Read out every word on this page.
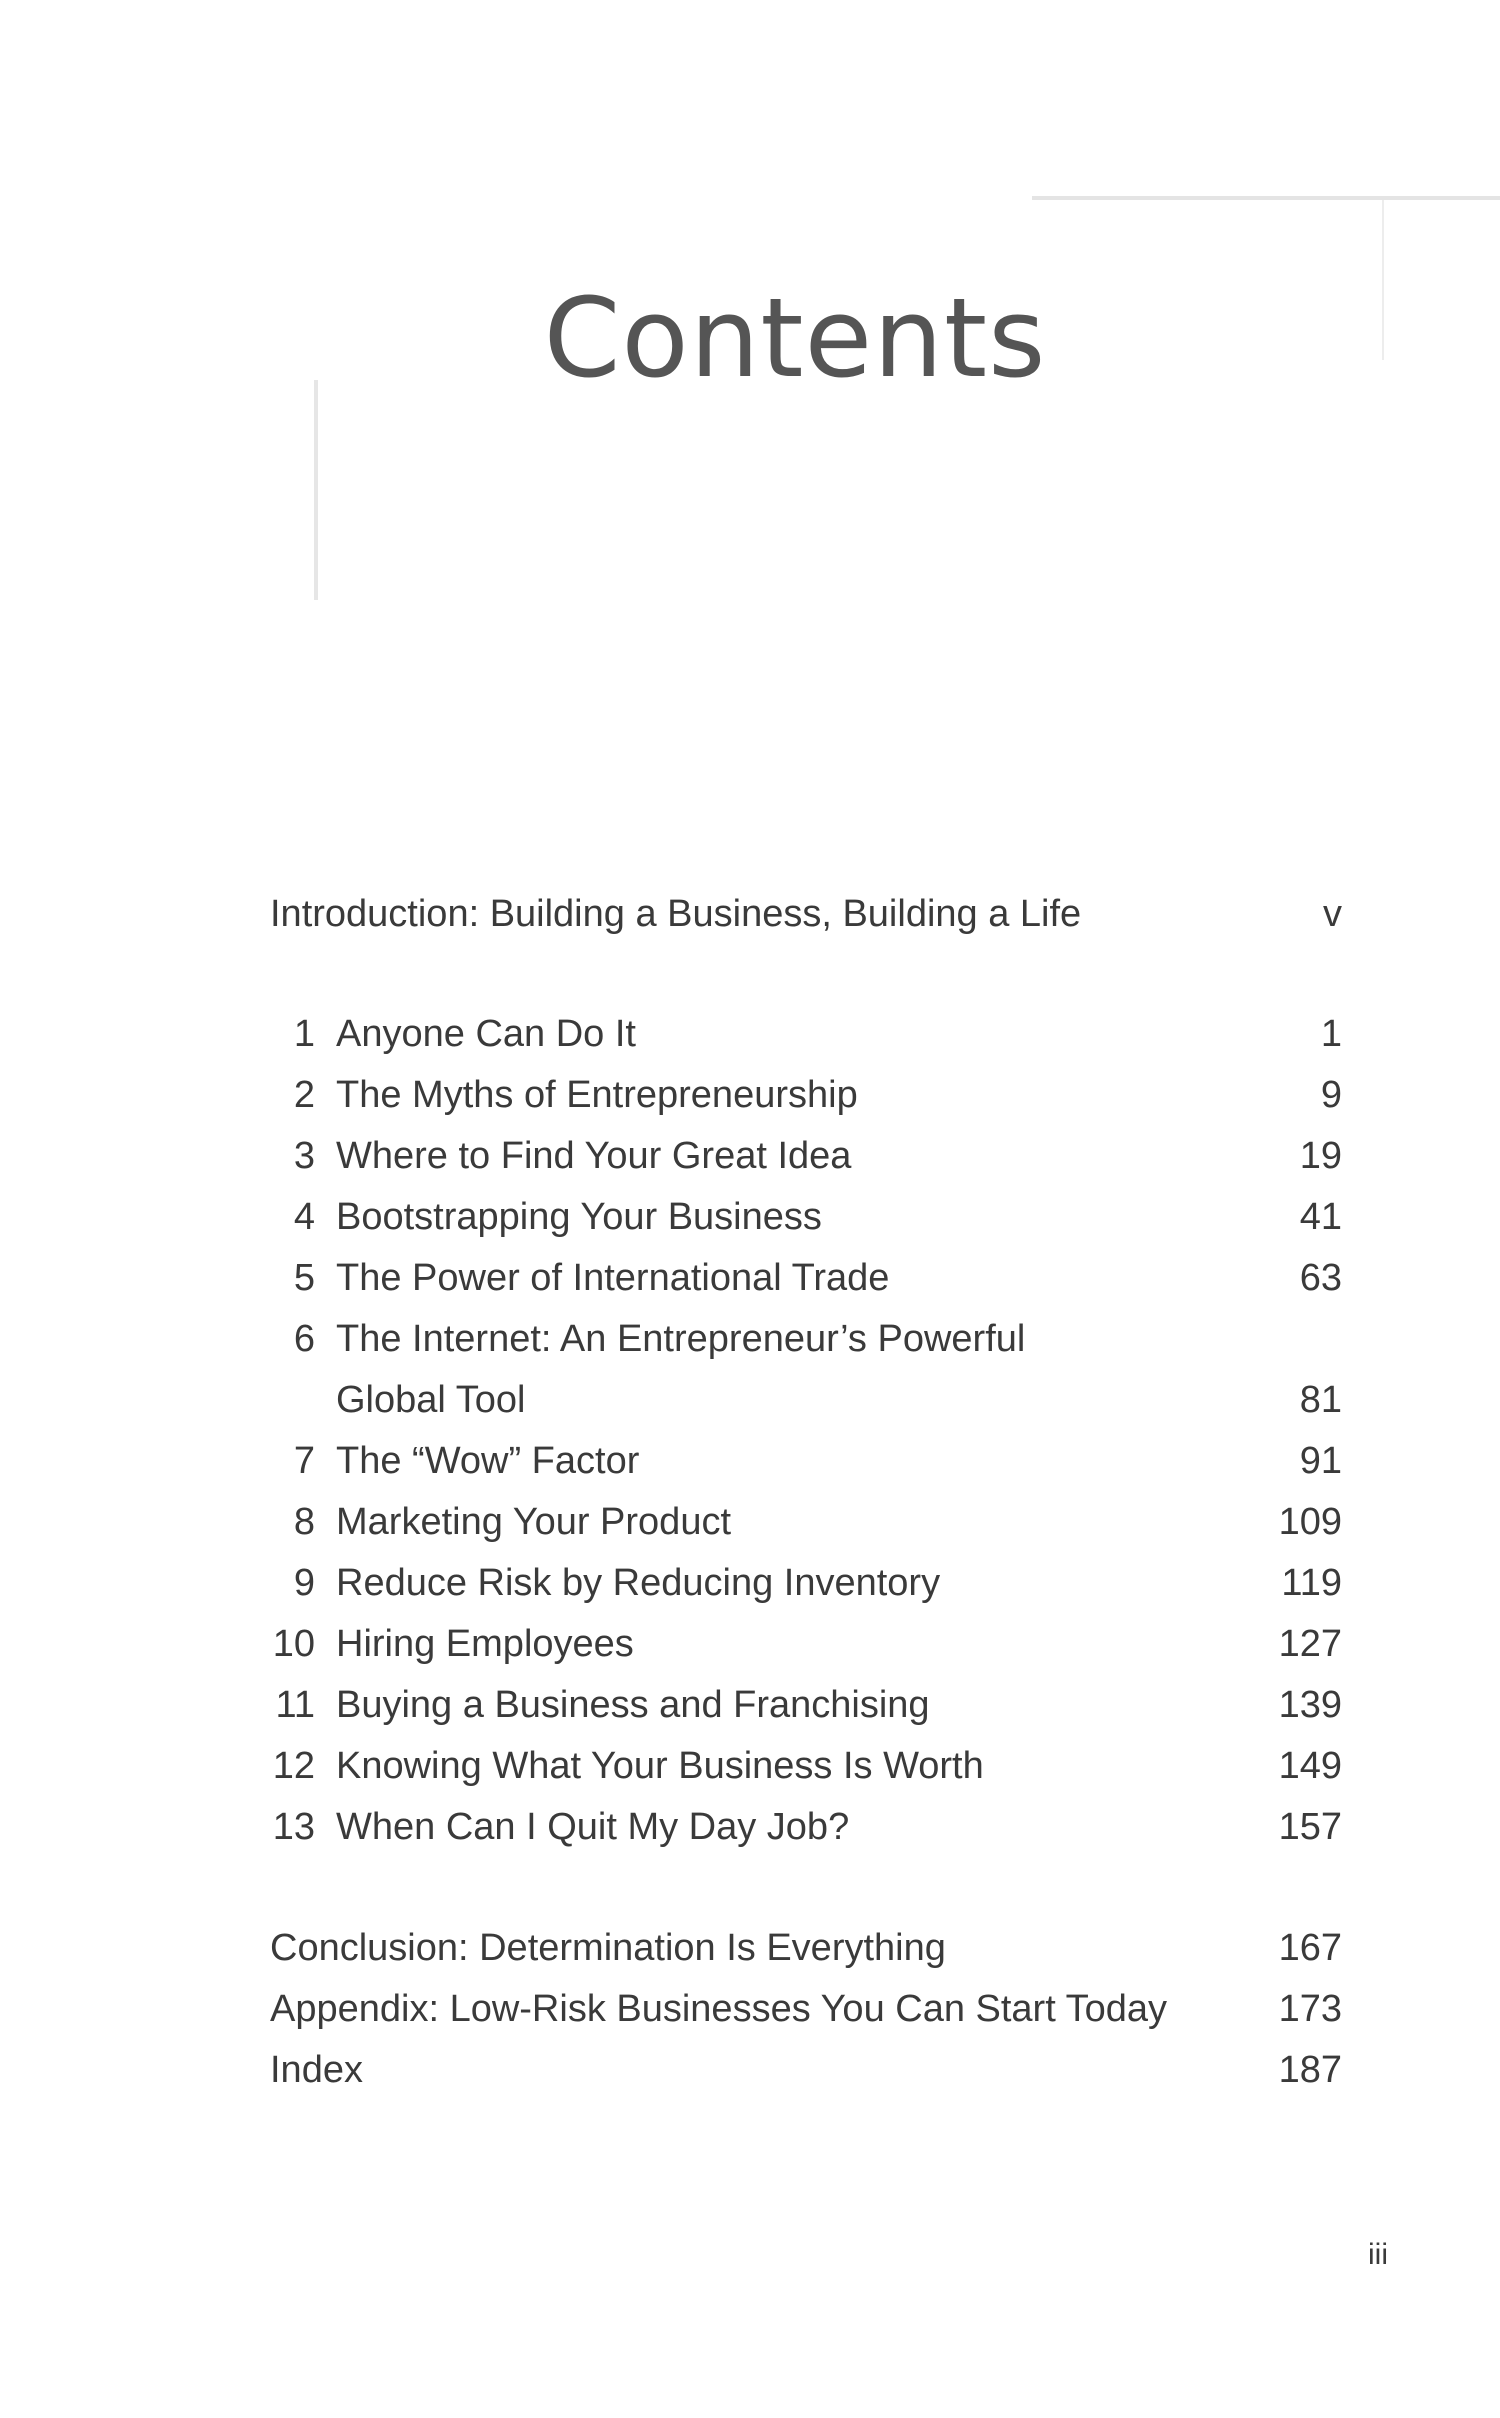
Contents
Introduction: Building a Business, Building a Life	v
1 Anyone Can Do It	1
2 The Myths of Entrepreneurship	9
3 Where to Find Your Great Idea	19
4 Bootstrapping Your Business	41
5 The Power of International Trade	63
6 The Internet: An Entrepreneur’s Powerful
Global Tool	81
7 The “Wow” Factor	91
8 Marketing Your Product	109
9 Reduce Risk by Reducing Inventory	119
10 Hiring Employees	127
11 Buying a Business and Franchising	139
12 Knowing What Your Business Is Worth	149
13 When Can I Quit My Day Job?	157
Conclusion: Determination Is Everything	167
Appendix: Low-Risk Businesses You Can Start Today	173
Index	187
iii
